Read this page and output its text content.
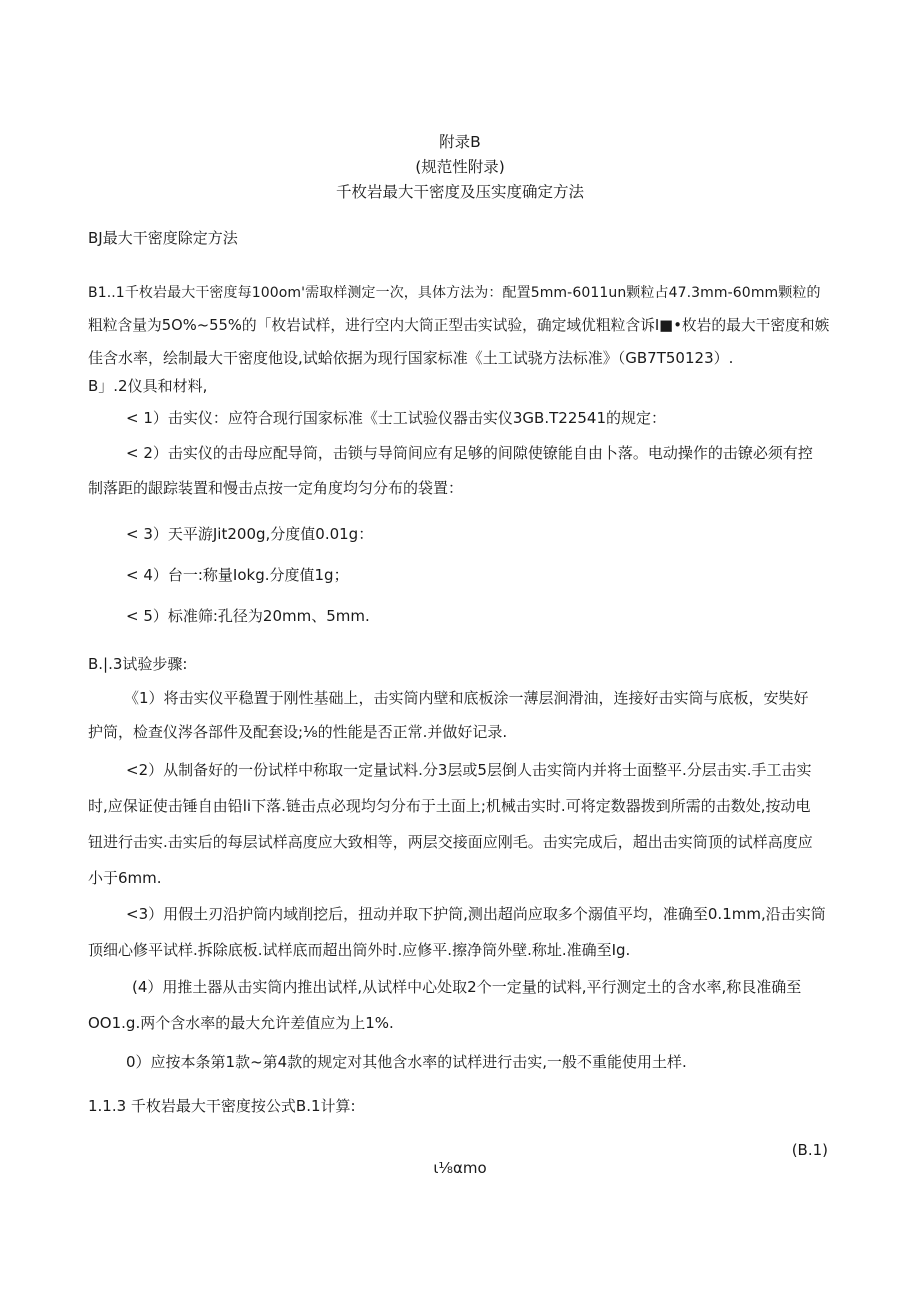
附录B
(规范性附录)
千枚岩最大干密度及压实度确定方法
BJ最大干密度除定方法
B1..1千枚岩最大干密度每100om'需取样测定一次，具体方法为：配置5mm-6011un颗粒占47.3mm-60mm颗粒的
粗粒含量为5O%~55%的「枚岩试样，进行空内大筒正型击实试验，确定域优粗粒含诉I■•枚岩的最大干密度和嫉
佳含水率，绘制最大干密度他设,试蛤依据为现行国家标准《土工试骁方法标准》（GB7T50123）.
B」.2仪具和材料,
< 1）击实仪：应符合现行国家标准《士工试验仪器击实仪3GB.T22541的规定：
< 2）击实仪的击母应配导筒，击锁与导筒间应有足够的间隙使镣能自由卜落。电动操作的击镣必须有控
制落距的龈踪装置和慢击点按一定角度均匀分布的袋置：
< 3）天平游Jit200g,分度值0.01g：
< 4）台一:称量Iokg.分度值1g；
< 5）标准筛:孔径为20mm、5mm.
B.|.3试验步骤:
《1）将击实仪平稳置于刚性基础上，击实筒内壁和底板涂一薄层涧滑油，连接好击实筒与底板，安奘好
护筒，检查仪涔各部件及配套设;⅛的性能是否正常.并做好记录.
<2）从制备好的一份试样中称取一定量试料.分3层或5层倒人击实筒内并将士面整平.分层击实.手工击实
时,应保证使击锤自由铅li下落.链击点必现均匀分布于土面上;机械击实时.可将定数器拨到所需的击数处,按动电
钮进行击实.击实后的每层试样高度应大致相等，两层交接面应刚毛。击实完成后，超出击实筒顶的试样高度应
小于6mm.
<3）用假土刃沿护筒内域削挖后，扭动并取下护筒,测出超尚应取多个溺值平均，准确至0.1mm,沿击实筒
顶细心修平试样.拆除底板.试样底而超出筒外时.应修平.擦净筒外壁.称址.准确至Ig.
(4）用推土器从击实筒内推出试样,从试样中心处取2个一定量的试料,平行测定土的含水率,称艮准确至
OO1.g.两个含水率的最大允许差值应为上1%.
0）应按本条第1款~第4款的规定对其他含水率的试样进行击实,一般不重能使用土样.
1.1.3 千枚岩最大干密度按公式B.1计算:
(B.1)
ι⅛αmo
